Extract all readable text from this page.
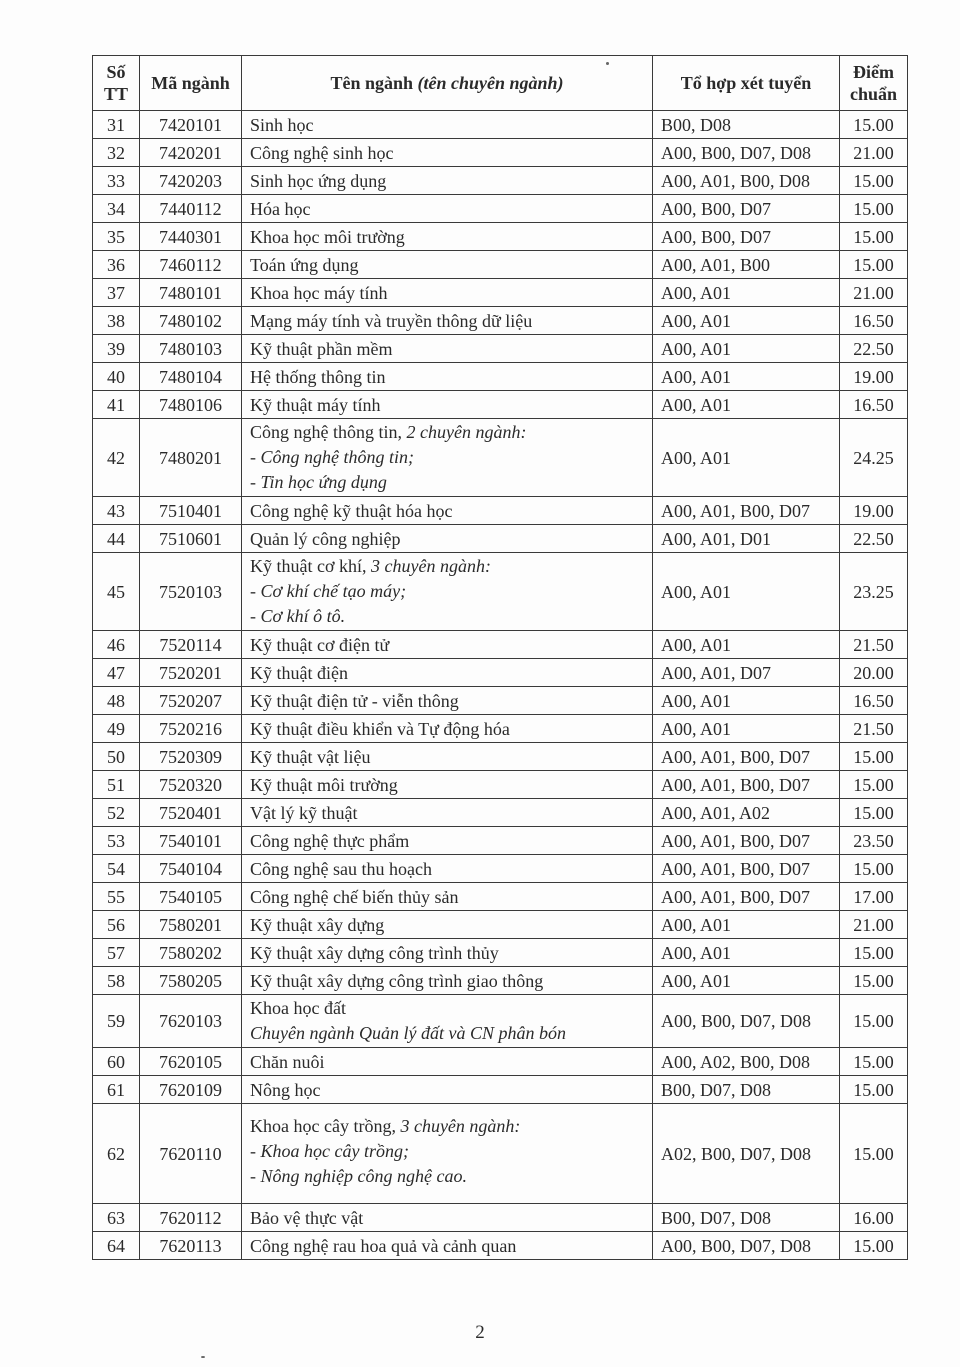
Số
TT	Mã ngành	Tên ngành (tên chuyên ngành)	Tổ hợp xét tuyển	Điểm
chuẩn
31	7420101	Sinh học	B00, D08	15.00
32	7420201	Công nghệ sinh học	A00, B00, D07, D08	21.00
33	7420203	Sinh học ứng dụng	A00, A01, B00, D08	15.00
34	7440112	Hóa học	A00, B00, D07	15.00
35	7440301	Khoa học môi trường	A00, B00, D07	15.00
36	7460112	Toán ứng dụng	A00, A01, B00	15.00
37	7480101	Khoa học máy tính	A00, A01	21.00
38	7480102	Mạng máy tính và truyền thông dữ liệu	A00, A01	16.50
39	7480103	Kỹ thuật phần mềm	A00, A01	22.50
40	7480104	Hệ thống thông tin	A00, A01	19.00
41	7480106	Kỹ thuật máy tính	A00, A01	16.50
42	7480201	Công nghệ thông tin, 2 chuyên ngành:
- Công nghệ thông tin;
- Tin học ứng dụng	A00, A01	24.25
43	7510401	Công nghệ kỹ thuật hóa học	A00, A01, B00, D07	19.00
44	7510601	Quản lý công nghiệp	A00, A01, D01	22.50
45	7520103	Kỹ thuật cơ khí, 3 chuyên ngành:
- Cơ khí chế tạo máy;
- Cơ khí ô tô.	A00, A01	23.25
46	7520114	Kỹ thuật cơ điện tử	A00, A01	21.50
47	7520201	Kỹ thuật điện	A00, A01, D07	20.00
48	7520207	Kỹ thuật điện tử - viễn thông	A00, A01	16.50
49	7520216	Kỹ thuật điều khiển và Tự động hóa	A00, A01	21.50
50	7520309	Kỹ thuật vật liệu	A00, A01, B00, D07	15.00
51	7520320	Kỹ thuật môi trường	A00, A01, B00, D07	15.00
52	7520401	Vật lý kỹ thuật	A00, A01, A02	15.00
53	7540101	Công nghệ thực phẩm	A00, A01, B00, D07	23.50
54	7540104	Công nghệ sau thu hoạch	A00, A01, B00, D07	15.00
55	7540105	Công nghệ chế biến thủy sản	A00, A01, B00, D07	17.00
56	7580201	Kỹ thuật xây dựng	A00, A01	21.00
57	7580202	Kỹ thuật xây dựng công trình thủy	A00, A01	15.00
58	7580205	Kỹ thuật xây dựng công trình giao thông	A00, A01	15.00
59	7620103	Khoa học đất
Chuyên ngành Quản lý đất và CN phân bón	A00, B00, D07, D08	15.00
60	7620105	Chăn nuôi	A00, A02, B00, D08	15.00
61	7620109	Nông học	B00, D07, D08	15.00
62	7620110	Khoa học cây trồng, 3 chuyên ngành:
- Khoa học cây trồng;
- Nông nghiệp công nghệ cao.	A02, B00, D07, D08	15.00
63	7620112	Bảo vệ thực vật	B00, D07, D08	16.00
64	7620113	Công nghệ rau hoa quả và cảnh quan	A00, B00, D07, D08	15.00
2
